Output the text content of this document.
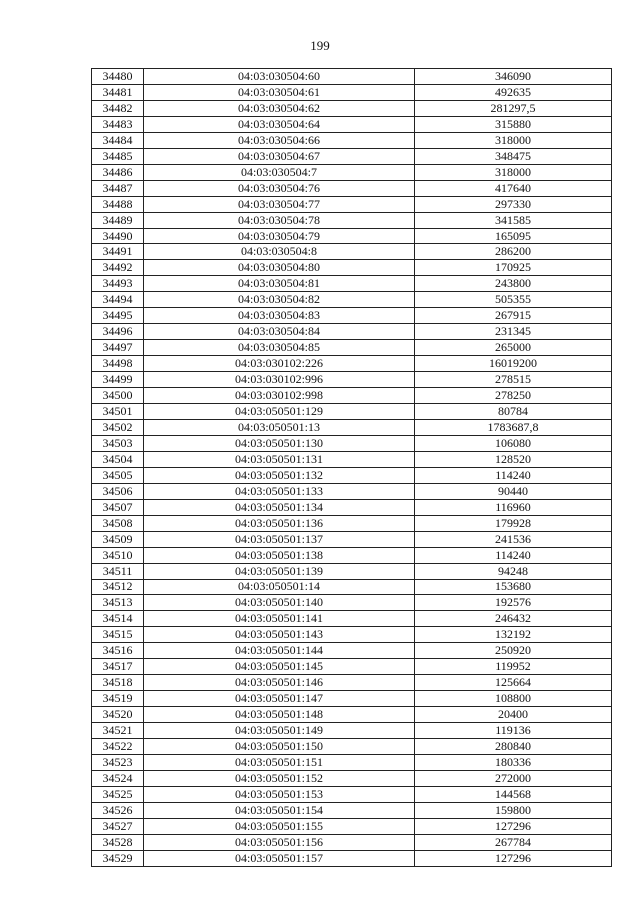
199
34480	04:03:030504:60	346090
34481	04:03:030504:61	492635
34482	04:03:030504:62	281297,5
34483	04:03:030504:64	315880
34484	04:03:030504:66	318000
34485	04:03:030504:67	348475
34486	04:03:030504:7	318000
34487	04:03:030504:76	417640
34488	04:03:030504:77	297330
34489	04:03:030504:78	341585
34490	04:03:030504:79	165095
34491	04:03:030504:8	286200
34492	04:03:030504:80	170925
34493	04:03:030504:81	243800
34494	04:03:030504:82	505355
34495	04:03:030504:83	267915
34496	04:03:030504:84	231345
34497	04:03:030504:85	265000
34498	04:03:030102:226	16019200
34499	04:03:030102:996	278515
34500	04:03:030102:998	278250
34501	04:03:050501:129	80784
34502	04:03:050501:13	1783687,8
34503	04:03:050501:130	106080
34504	04:03:050501:131	128520
34505	04:03:050501:132	114240
34506	04:03:050501:133	90440
34507	04:03:050501:134	116960
34508	04:03:050501:136	179928
34509	04:03:050501:137	241536
34510	04:03:050501:138	114240
34511	04:03:050501:139	94248
34512	04:03:050501:14	153680
34513	04:03:050501:140	192576
34514	04:03:050501:141	246432
34515	04:03:050501:143	132192
34516	04:03:050501:144	250920
34517	04:03:050501:145	119952
34518	04:03:050501:146	125664
34519	04:03:050501:147	108800
34520	04:03:050501:148	20400
34521	04:03:050501:149	119136
34522	04:03:050501:150	280840
34523	04:03:050501:151	180336
34524	04:03:050501:152	272000
34525	04:03:050501:153	144568
34526	04:03:050501:154	159800
34527	04:03:050501:155	127296
34528	04:03:050501:156	267784
34529	04:03:050501:157	127296
